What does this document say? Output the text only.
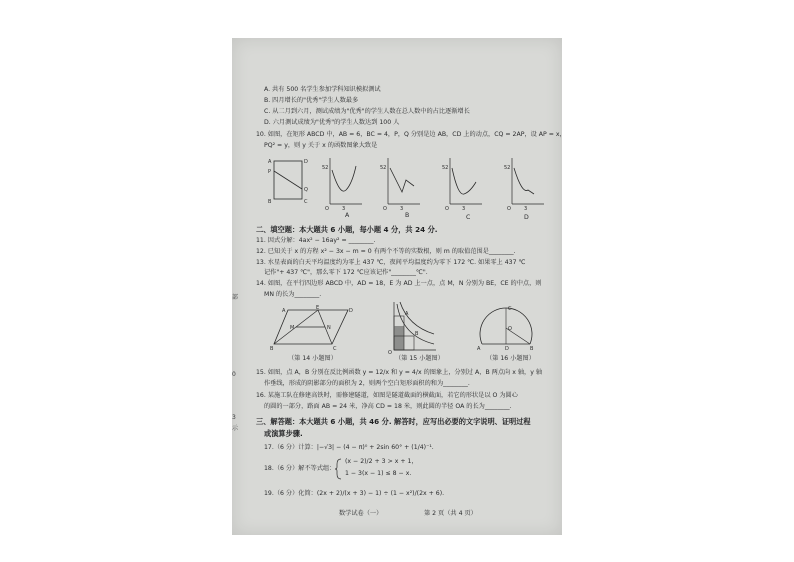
部
0
3
示
A. 共有 500 名学生参加学科知识模拟测试
B. 四月增长的"优秀"学生人数最多
C. 从二月到六月，测试成绩为"优秀"的学生人数在总人数中的占比逐渐增长
D. 六月测试成绩为"优秀"的学生人数达到 100 人
10. 如图，在矩形 ABCD 中，AB = 6，BC = 4，P，Q 分别是边 AB，CD 上的动点，CQ = 2AP，设 AP = x，
PQ² = y，则 y 关于 x 的函数图象大致是
A	D
B	C
P
Q
52
O	3
52
O	3
52
O	3
52
O	3
A	B	C	D
二、填空题：本大题共 6 小题，每小题 4 分，共 24 分.
11. 因式分解：4ax² − 16ay² = ________.
12. 已知关于 x 的方程 x² − 3x − m = 0 有两个不等的实数根，则 m 的取值范围是________.
13. 水星表面的白天平均温度约为零上 437 ℃，夜间平均温度约为零下 172 ℃. 如果零上 437 ℃
记作"+ 437 ℃"，那么零下 172 ℃应该记作"________℃".
14. 如图，在平行四边形 ABCD 中，AD = 18，E 为 AD 上一点，点 M，N 分别为 BE，CE 的中点，则
MN 的长为________.
A	E	D
B	C
M	N
A
B
O
C
O
A	D	B
（第 14 小题图）	（第 15 小题图）	（第 16 小题图）
15. 如图，点 A，B 分别在反比例函数 y = 12/x 和 y = 4/x 的图象上，分别过 A，B 两点向 x 轴，y 轴
作垂线，形成的阴影部分的面积为 2，则两个空白矩形面积的和为________.
16. 某施工队在修建高铁时，需修建隧道，如图是隧道截面的横截面，若它的形状是以 O 为圆心
的圆的一部分，路面 AB = 24 米，净高 CD = 18 米，则此圆的半径 OA 的长为________.
三、解答题：本大题共 6 小题，共 46 分. 解答时，应写出必要的文字说明、证明过程
或演算步骤.
17.（6 分）计算：|−√3| − (4 − π)⁰ + 2sin 60° + (1/4)⁻¹.
18.（6 分）解不等式组：
(x − 2)/2 + 3 > x + 1，
1 − 3(x − 1) ≤ 8 − x.
19.（6 分）化简：(2x + 2)/(x + 3) − 1) ÷ (1 − x²)/(2x + 6).
数学试卷（一）	第 2 页（共 4 页）
